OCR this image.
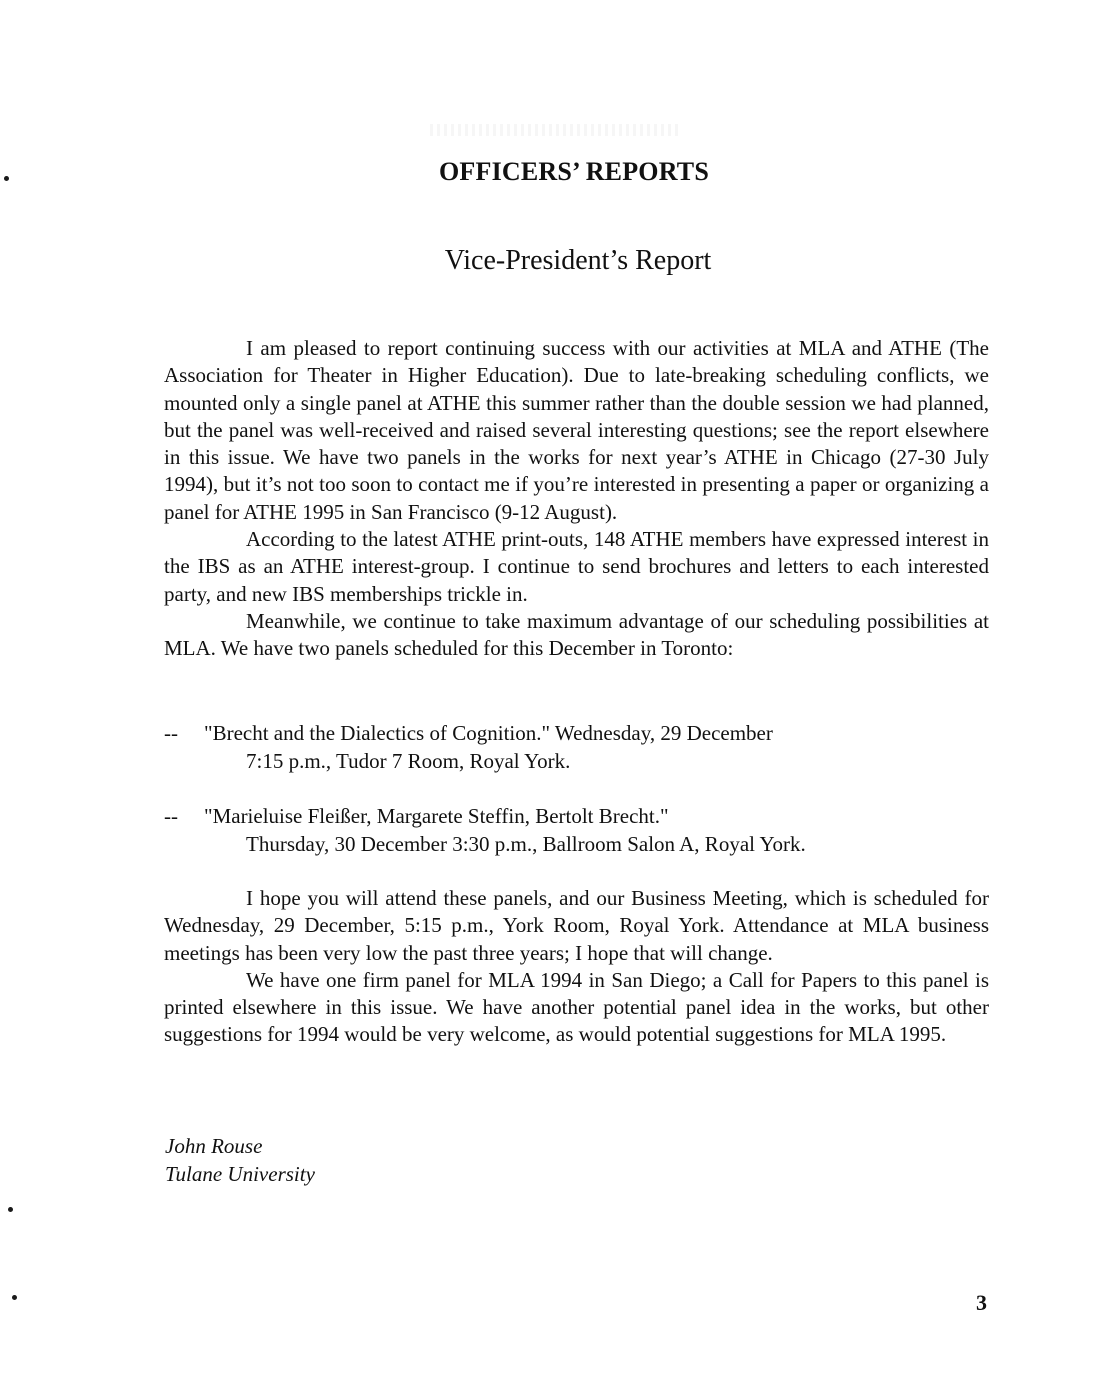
OFFICERS’ REPORTS
Vice-President’s Report

I am pleased to report continuing success with our activities at MLA and ATHE (The Association for Theater in Higher Education). Due to late-breaking scheduling conflicts, we mounted only a single panel at ATHE this summer rather than the double session we had planned, but the panel was well-received and raised several interesting questions; see the report elsewhere in this issue. We have two panels in the works for next year’s ATHE in Chicago (27-30 July 1994), but it’s not too soon to contact me if you’re interested in presenting a paper or organizing a panel for ATHE 1995 in San Francisco (9-12 August).

According to the latest ATHE print-outs, 148 ATHE members have expressed interest in the IBS as an ATHE interest-group. I continue to send brochures and letters to each interested party, and new IBS memberships trickle in.

Meanwhile, we continue to take maximum advantage of our scheduling possibilities at MLA. We have two panels scheduled for this December in Toronto:

-- "Brecht and the Dialectics of Cognition." Wednesday, 29 December
7:15 p.m., Tudor 7 Room, Royal York.
-- "Marieluise Fleißer, Margarete Steffin, Bertolt Brecht."
Thursday, 30 December 3:30 p.m., Ballroom Salon A, Royal York.

I hope you will attend these panels, and our Business Meeting, which is scheduled for Wednesday, 29 December, 5:15 p.m., York Room, Royal York. Attendance at MLA business meetings has been very low the past three years; I hope that will change.

We have one firm panel for MLA 1994 in San Diego; a Call for Papers to this panel is printed elsewhere in this issue. We have another potential panel idea in the works, but other suggestions for 1994 would be very welcome, as would potential suggestions for MLA 1995.

John Rouse
Tulane University
3
